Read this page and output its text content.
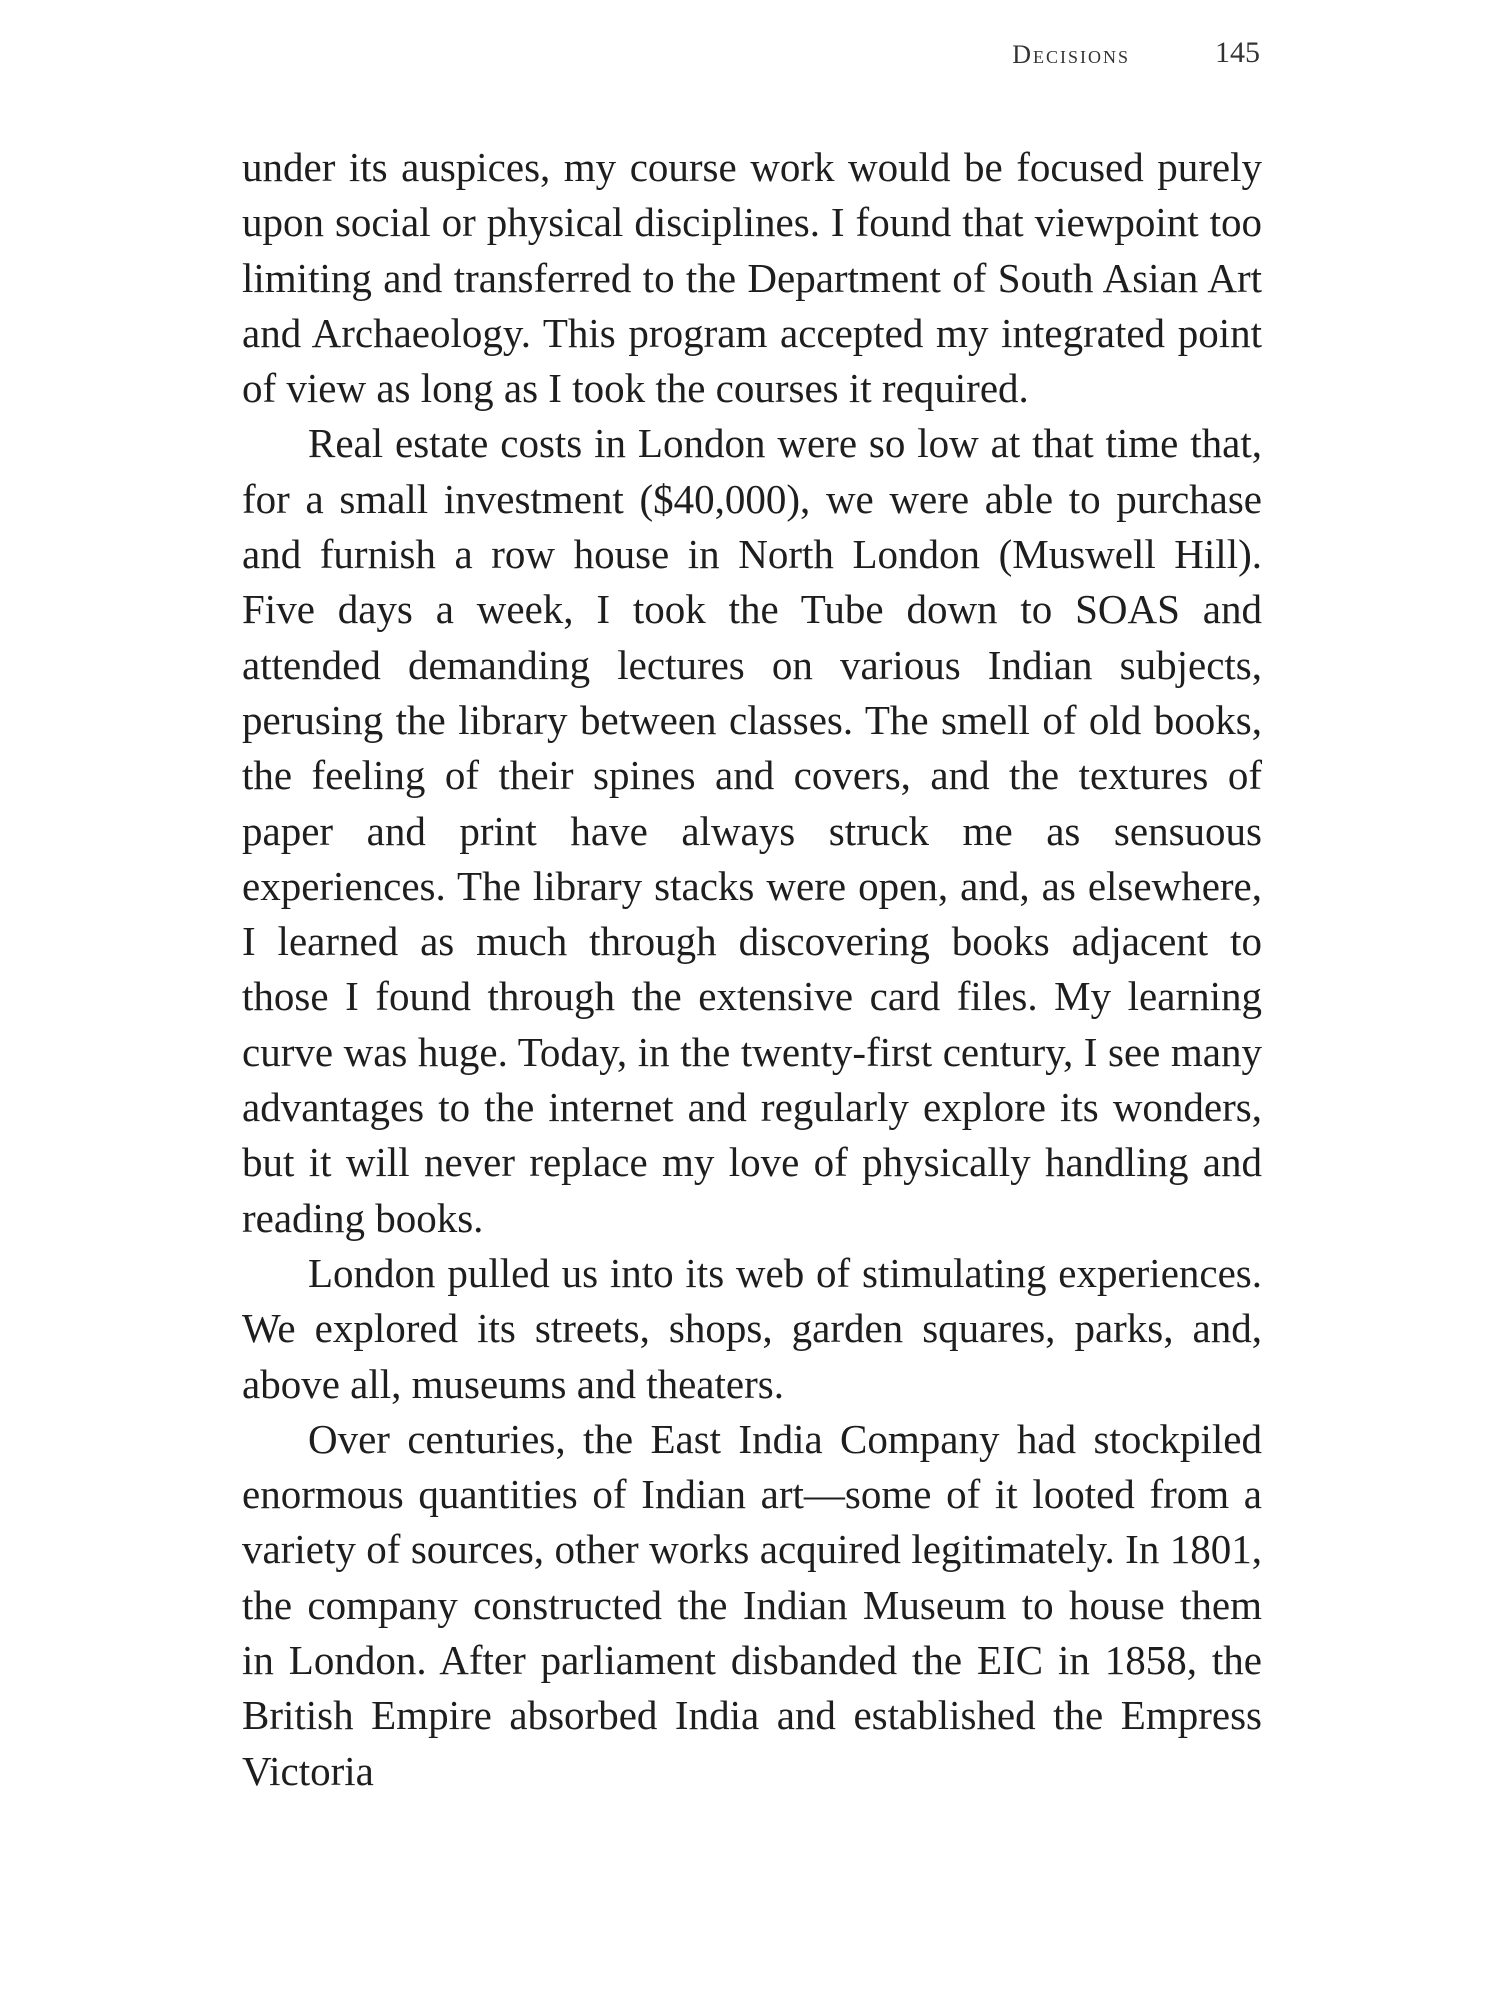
Decisions	145

under its auspices, my course work would be focused purely upon social or physical disciplines. I found that viewpoint too limiting and transferred to the Department of South Asian Art and Archaeology. This program accepted my integrated point of view as long as I took the courses it required.

Real estate costs in London were so low at that time that, for a small investment ($40,000), we were able to purchase and furnish a row house in North London (Muswell Hill). Five days a week, I took the Tube down to SOAS and attended demanding lectures on various Indian subjects, perusing the library between classes. The smell of old books, the feeling of their spines and covers, and the textures of paper and print have always struck me as sensuous experiences. The library stacks were open, and, as elsewhere, I learned as much through discovering books adjacent to those I found through the extensive card files. My learning curve was huge. Today, in the twenty-first century, I see many advantages to the internet and regularly explore its wonders, but it will never replace my love of physically handling and reading books.

London pulled us into its web of stimulating experiences. We explored its streets, shops, garden squares, parks, and, above all, museums and theaters.

Over centuries, the East India Company had stockpiled enormous quantities of Indian art—some of it looted from a variety of sources, other works acquired legitimately. In 1801, the company constructed the Indian Museum to house them in London. After parliament disbanded the EIC in 1858, the British Empire absorbed India and established the Empress Victoria
